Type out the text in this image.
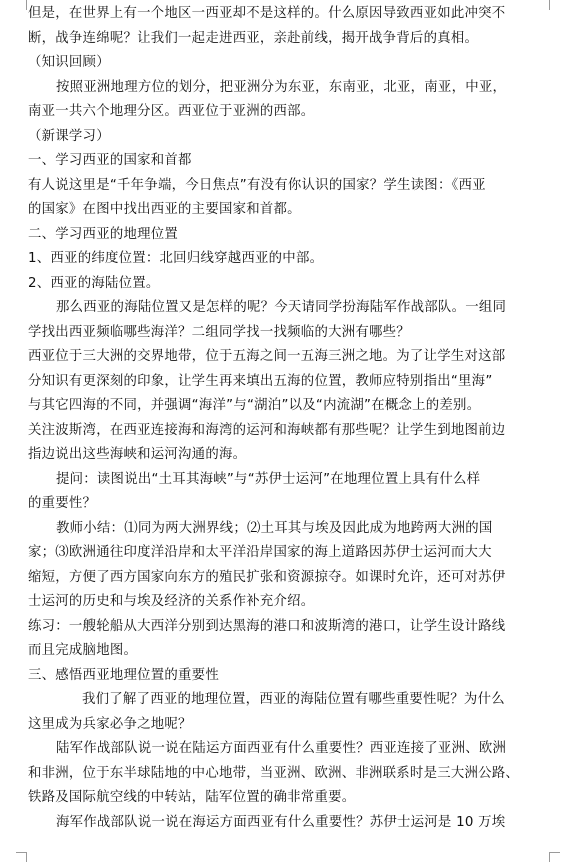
但是，在世界上有一个地区一西亚却不是这样的。什么原因导致西亚如此冲突不
断，战争连绵呢？让我们一起走进西亚，亲赴前线，揭开战争背后的真相。
（知识回顾）
按照亚洲地理方位的划分，把亚洲分为东亚，东南亚，北亚，南亚，中亚，
南亚一共六个地理分区。西亚位于亚洲的西部。
（新课学习）
一、学习西亚的国家和首都
有人说这里是“千年争端，今日焦点”有没有你认识的国家？学生读图：《西亚
的国家》在图中找出西亚的主要国家和首都。
二、学习西亚的地理位置
1、西亚的纬度位置：北回归线穿越西亚的中部。
2、西亚的海陆位置。
那么西亚的海陆位置又是怎样的呢？今天请同学扮海陆军作战部队。一组同
学找出西亚频临哪些海洋？二组同学找一找频临的大洲有哪些？
西亚位于三大洲的交界地带，位于五海之间一五海三洲之地。为了让学生对这部
分知识有更深刻的印象，让学生再来填出五海的位置，教师应特别指出“里海”
与其它四海的不同，并强调“海洋”与“湖泊”以及“内流湖”在概念上的差别。
关注波斯湾，在西亚连接海和海湾的运河和海峡都有那些呢？让学生到地图前边
指边说出这些海峡和运河沟通的海。
提问：读图说出“土耳其海峡”与“苏伊士运河”在地理位置上具有什么样
的重要性？
教师小结：⑴同为两大洲界线；⑵土耳其与埃及因此成为地跨两大洲的国
家；⑶欧洲通往印度洋沿岸和太平洋沿岸国家的海上道路因苏伊士运河而大大
缩短，方便了西方国家向东方的殖民扩张和资源掠夺。如课时允许，还可对苏伊
士运河的历史和与埃及经济的关系作补充介绍。
练习：一艘轮船从大西洋分别到达黑海的港口和波斯湾的港口，让学生设计路线
而且完成脑地图。
三、感悟西亚地理位置的重要性
我们了解了西亚的地理位置，西亚的海陆位置有哪些重要性呢？为什么
这里成为兵家必争之地呢？
陆军作战部队说一说在陆运方面西亚有什么重要性？西亚连接了亚洲、欧洲
和非洲，位于东半球陆地的中心地带，当亚洲、欧洲、非洲联系时是三大洲公路、
铁路及国际航空线的中转站，陆军位置的确非常重要。
海军作战部队说一说在海运方面西亚有什么重要性？苏伊士运河是 10 万埃
